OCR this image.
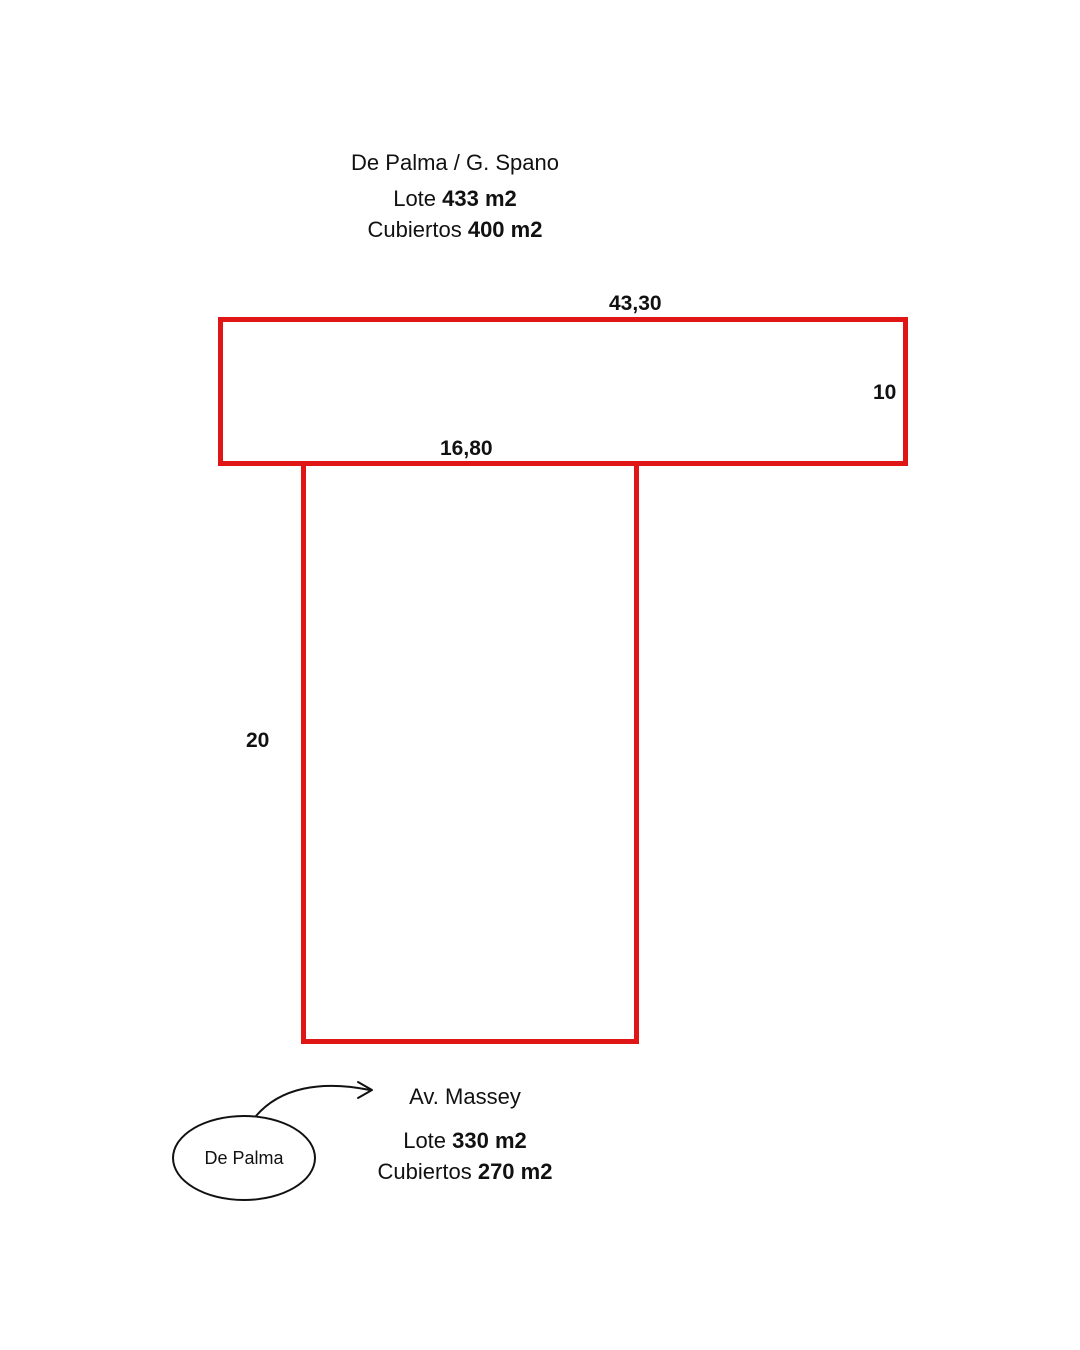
De Palma / G. Spano
Lote 433 m2
Cubiertos 400 m2
43,30
10
16,80
20
De Palma
Av. Massey
Lote 330 m2
Cubiertos 270 m2
